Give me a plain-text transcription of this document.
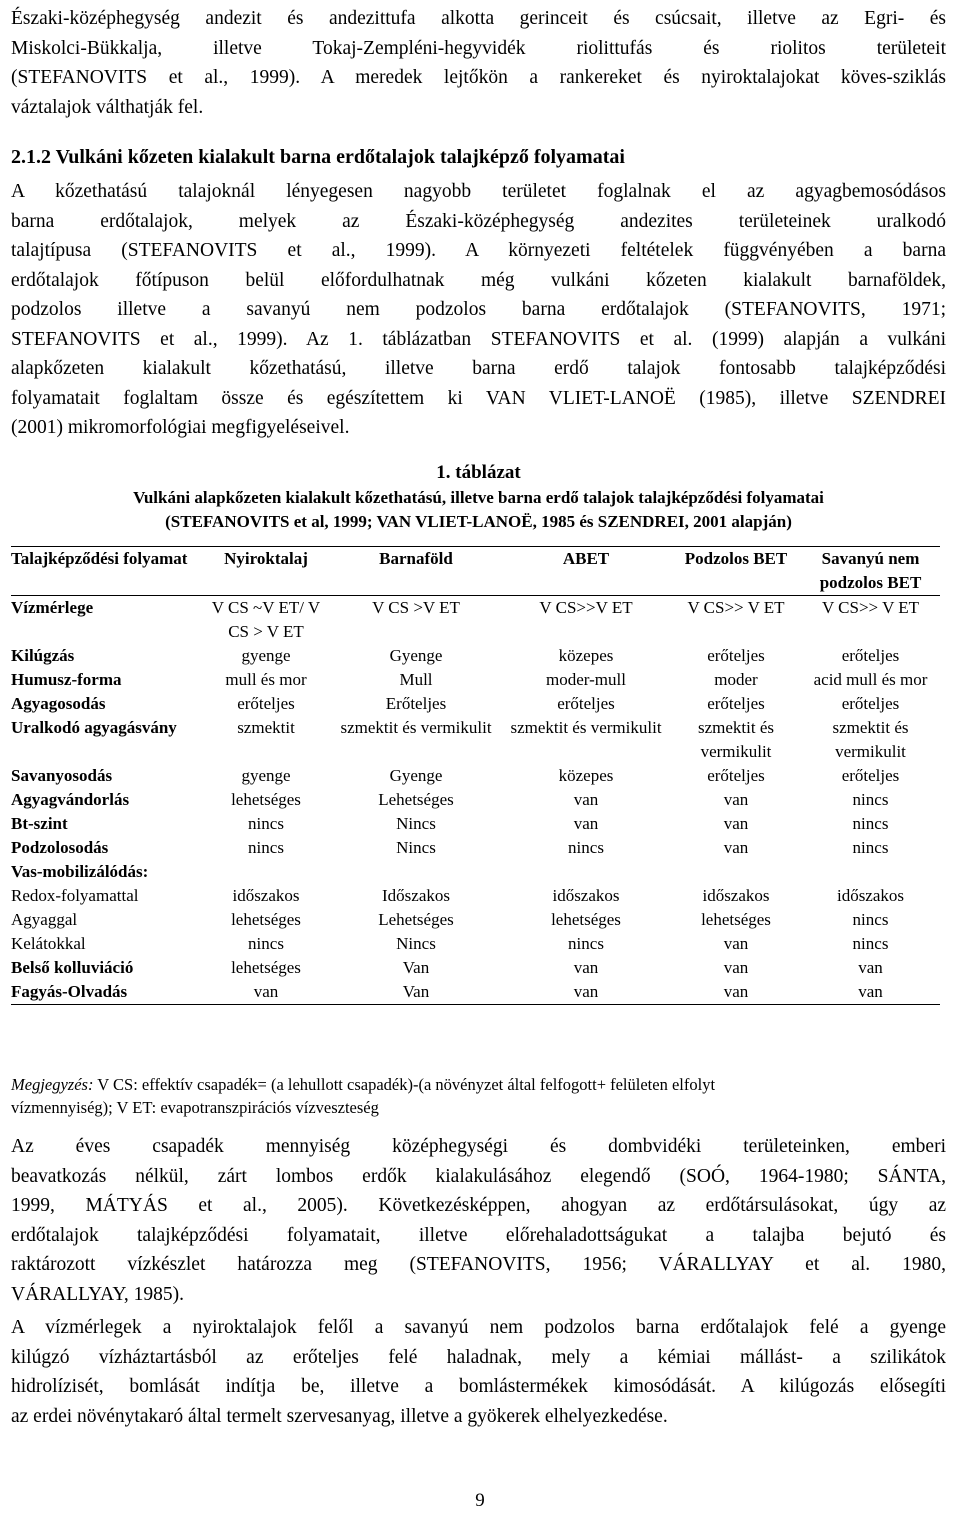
Északi-középhegység andezit és andezittufa alkotta gerinceit és csúcsait, illetve az Egri- és
Miskolci-Bükkalja, illetve Tokaj-Zempléni-hegyvidék riolittufás és riolitos területeit
(STEFANOVITS et al., 1999). A meredek lejtőkön a rankereket és nyiroktalajokat köves-sziklás
váztalajok válthatják fel.

2.1.2 Vulkáni kőzeten kialakult barna erdőtalajok talajképző folyamatai

A kőzethatású talajoknál lényegesen nagyobb területet foglalnak el az agyagbemosódásos
barna erdőtalajok, melyek az Északi-középhegység andezites területeinek uralkodó
talajtípusa (STEFANOVITS et al., 1999). A környezeti feltételek függvényében a barna
erdőtalajok főtípuson belül előfordulhatnak még vulkáni kőzeten kialakult barnaföldek,
podzolos illetve a savanyú nem podzolos barna erdőtalajok (STEFANOVITS, 1971;
STEFANOVITS et al., 1999). Az 1. táblázatban STEFANOVITS et al. (1999) alapján a vulkáni
alapkőzeten kialakult kőzethatású, illetve barna erdő talajok fontosabb talajképződési
folyamatait foglaltam össze és egészítettem ki VAN VLIET-LANOË (1985), illetve SZENDREI
(2001) mikromorfológiai megfigyeléseivel.

1. táblázat
Vulkáni alapkőzeten kialakult kőzethatású, illetve barna erdő talajok talajképződési folyamatai
(STEFANOVITS et al, 1999; VAN VLIET-LANOË, 1985 és SZENDREI, 2001 alapján)
Talajképződési folyamat	Nyiroktalaj	Barnaföld	ABET	Podzolos BET	Savanyú nem podzolos BET
Vízmérlege	V CS ~V ET/ V CS > V ET	V CS >V ET	V CS>>V ET	V CS>> V ET	V CS>> V ET
Kilúgzás	gyenge	Gyenge	közepes	erőteljes	erőteljes
Humusz-forma	mull és mor	Mull	moder-mull	moder	acid mull és mor
Agyagosodás	erőteljes	Erőteljes	erőteljes	erőteljes	erőteljes
Uralkodó agyagásvány	szmektit	szmektit és vermikulit	szmektit és vermikulit	szmektit és vermikulit	szmektit és vermikulit
Savanyosodás	gyenge	Gyenge	közepes	erőteljes	erőteljes
Agyagvándorlás	lehetséges	Lehetséges	van	van	nincs
Bt-szint	nincs	Nincs	van	van	nincs
Podzolosodás	nincs	Nincs	nincs	van	nincs
Vas-mobilizálódás:					
Redox-folyamattal	időszakos	Időszakos	időszakos	időszakos	időszakos
Agyaggal	lehetséges	Lehetséges	lehetséges	lehetséges	nincs
Kelátokkal	nincs	Nincs	nincs	van	nincs
Belső kolluviáció	lehetséges	Van	van	van	van
Fagyás-Olvadás	van	Van	van	van	van
Megjegyzés: V CS: effektív csapadék= (a lehullott csapadék)-(a növényzet által felfogott+ felületen elfolyt
vízmennyiség); V ET: evapotranszpirációs vízveszteség

Az éves csapadék mennyiség középhegységi és dombvidéki területeinken, emberi
beavatkozás nélkül, zárt lombos erdők kialakulásához elegendő (SOÓ, 1964-1980; SÁNTA,
1999, MÁTYÁS et al., 2005). Következésképpen, ahogyan az erdőtársulásokat, úgy az
erdőtalajok talajképződési folyamatait, illetve előrehaladottságukat a talajba bejutó és
raktározott vízkészlet határozza meg (STEFANOVITS, 1956; VÁRALLYAY et al. 1980,
VÁRALLYAY, 1985).

A vízmérlegek a nyiroktalajok felől a savanyú nem podzolos barna erdőtalajok felé a gyenge
kilúgzó vízháztartásból az erőteljes felé haladnak, mely a kémiai mállást- a szilikátok
hidrolízisét, bomlását indítja be, illetve a bomlástermékek kimosódását. A kilúgozás elősegíti
az erdei növénytakaró által termelt szervesanyag, illetve a gyökerek elhelyezkedése.

9
